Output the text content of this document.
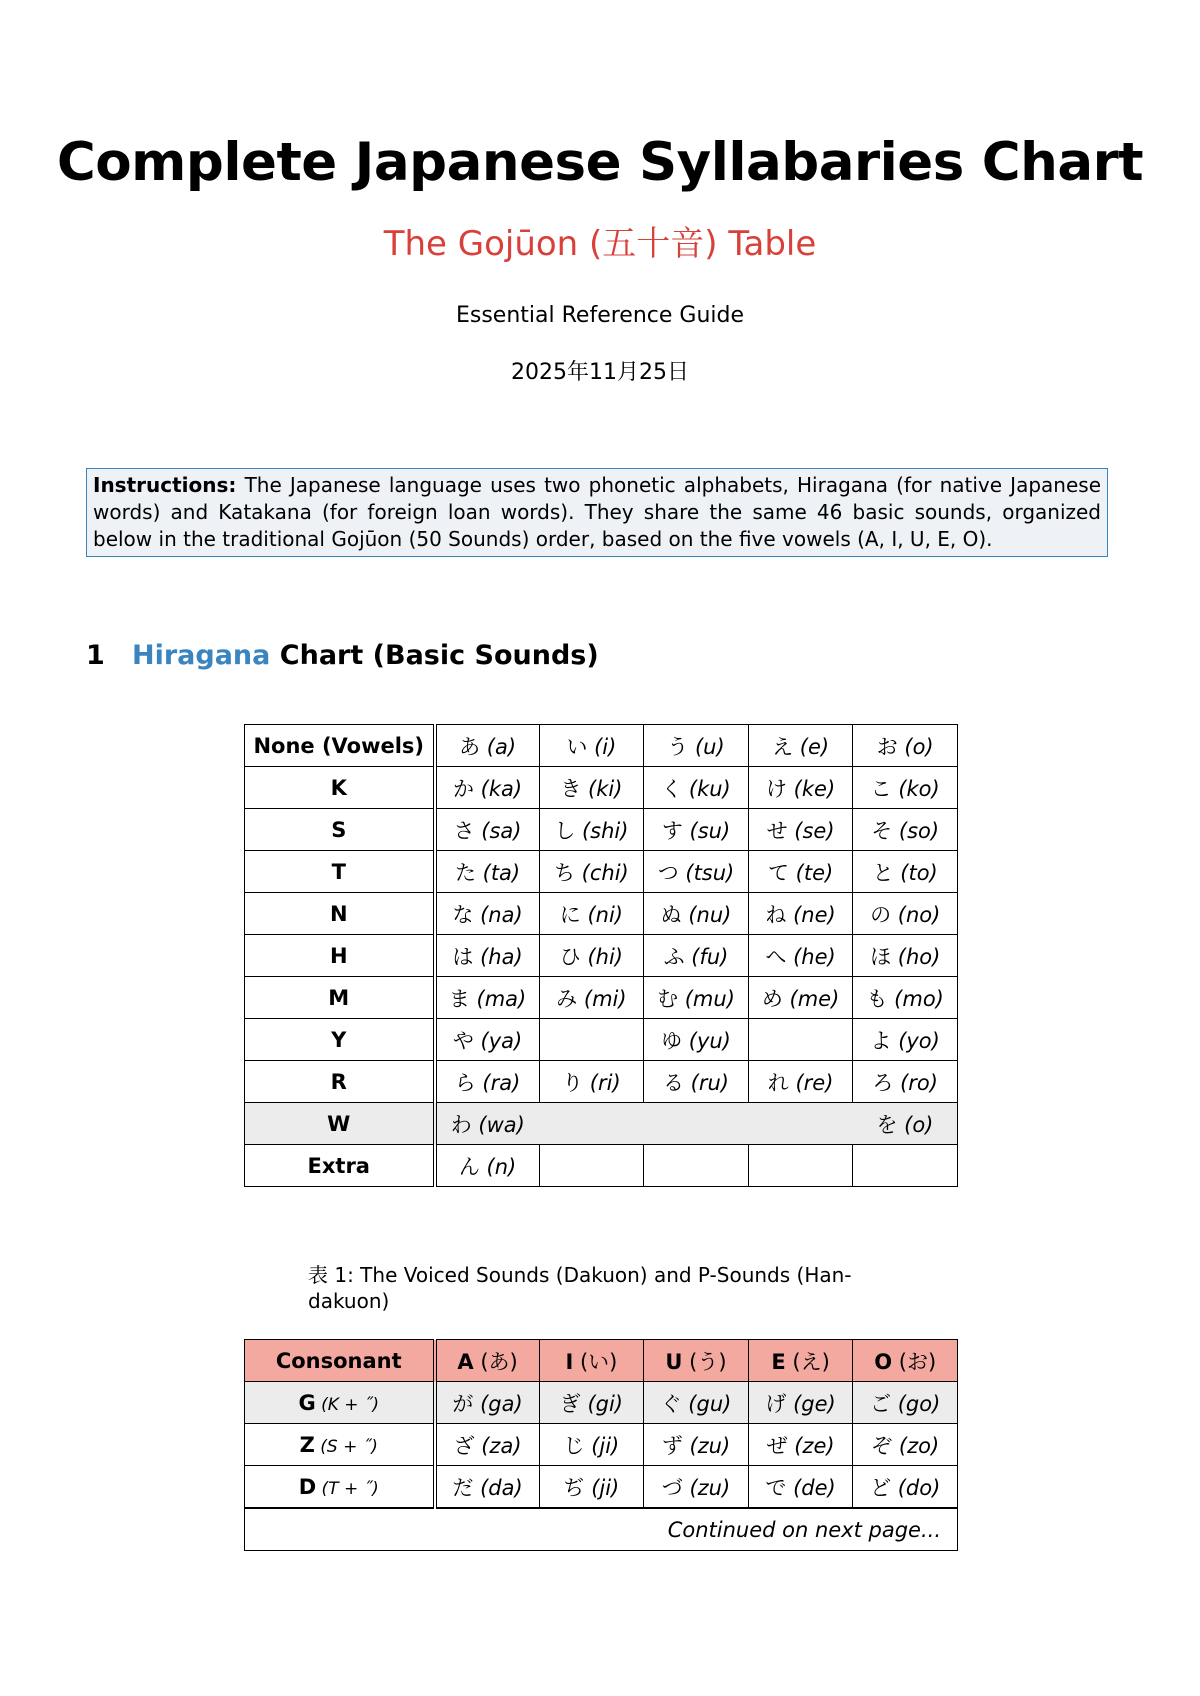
Complete Japanese Syllabaries Chart
The Gojūon (五十音) Table
Essential Reference Guide
2025年11月25日
Instructions: The Japanese language uses two phonetic alphabets, Hiragana (for native Japanese words) and Katakana (for foreign loan words). They share the same 46 basic sounds, organized below in the traditional Gojūon (50 Sounds) order, based on the five vowels (A, I, U, E, O).
1 Hiragana Chart (Basic Sounds)
None (Vowels)	あ (a)	い (i)	う (u)	え (e)	お (o)
K	か (ka)	き (ki)	く (ku)	け (ke)	こ (ko)
S	さ (sa)	し (shi)	す (su)	せ (se)	そ (so)
T	た (ta)	ち (chi)	つ (tsu)	て (te)	と (to)
N	な (na)	に (ni)	ぬ (nu)	ね (ne)	の (no)
H	は (ha)	ひ (hi)	ふ (fu)	へ (he)	ほ (ho)
M	ま (ma)	み (mi)	む (mu)	め (me)	も (mo)
Y	や (ya)		ゆ (yu)		よ (yo)
R	ら (ra)	り (ri)	る (ru)	れ (re)	ろ (ro)
W	わ (wa)				を (o)
Extra	ん (n)				
表 1: The Voiced Sounds (Dakuon) and P-Sounds (Han-dakuon)
Consonant	A (あ)	I (い)	U (う)	E (え)	O (お)
G (K + ˝)	が (ga)	ぎ (gi)	ぐ (gu)	げ (ge)	ご (go)
Z (S + ˝)	ざ (za)	じ (ji)	ず (zu)	ぜ (ze)	ぞ (zo)
D (T + ˝)	だ (da)	ぢ (ji)	づ (zu)	で (de)	ど (do)
Continued on next page...					
